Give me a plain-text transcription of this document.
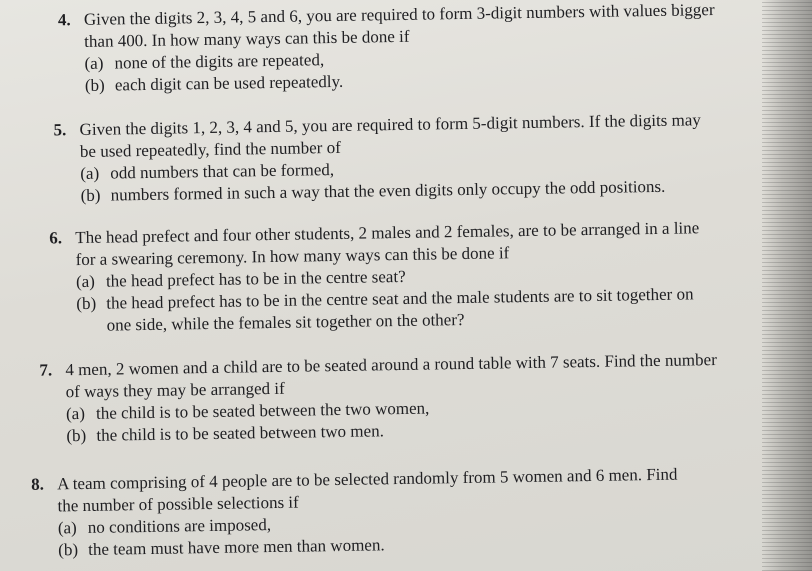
4. Given the digits 2, 3, 4, 5 and 6, you are required to form 3-digit numbers with values bigger
than 400. In how many ways can this be done if
(a) none of the digits are repeated,
(b) each digit can be used repeatedly.
5. Given the digits 1, 2, 3, 4 and 5, you are required to form 5-digit numbers. If the digits may
be used repeatedly, find the number of
(a) odd numbers that can be formed,
(b) numbers formed in such a way that the even digits only occupy the odd positions.
6. The head prefect and four other students, 2 males and 2 females, are to be arranged in a line
for a swearing ceremony. In how many ways can this be done if
(a) the head prefect has to be in the centre seat?
(b) the head prefect has to be in the centre seat and the male students are to sit together on
one side, while the females sit together on the other?
7. 4 men, 2 women and a child are to be seated around a round table with 7 seats. Find the number
of ways they may be arranged if
(a) the child is to be seated between the two women,
(b) the child is to be seated between two men.
8. A team comprising of 4 people are to be selected randomly from 5 women and 6 men. Find
the number of possible selections if
(a) no conditions are imposed,
(b) the team must have more men than women.
